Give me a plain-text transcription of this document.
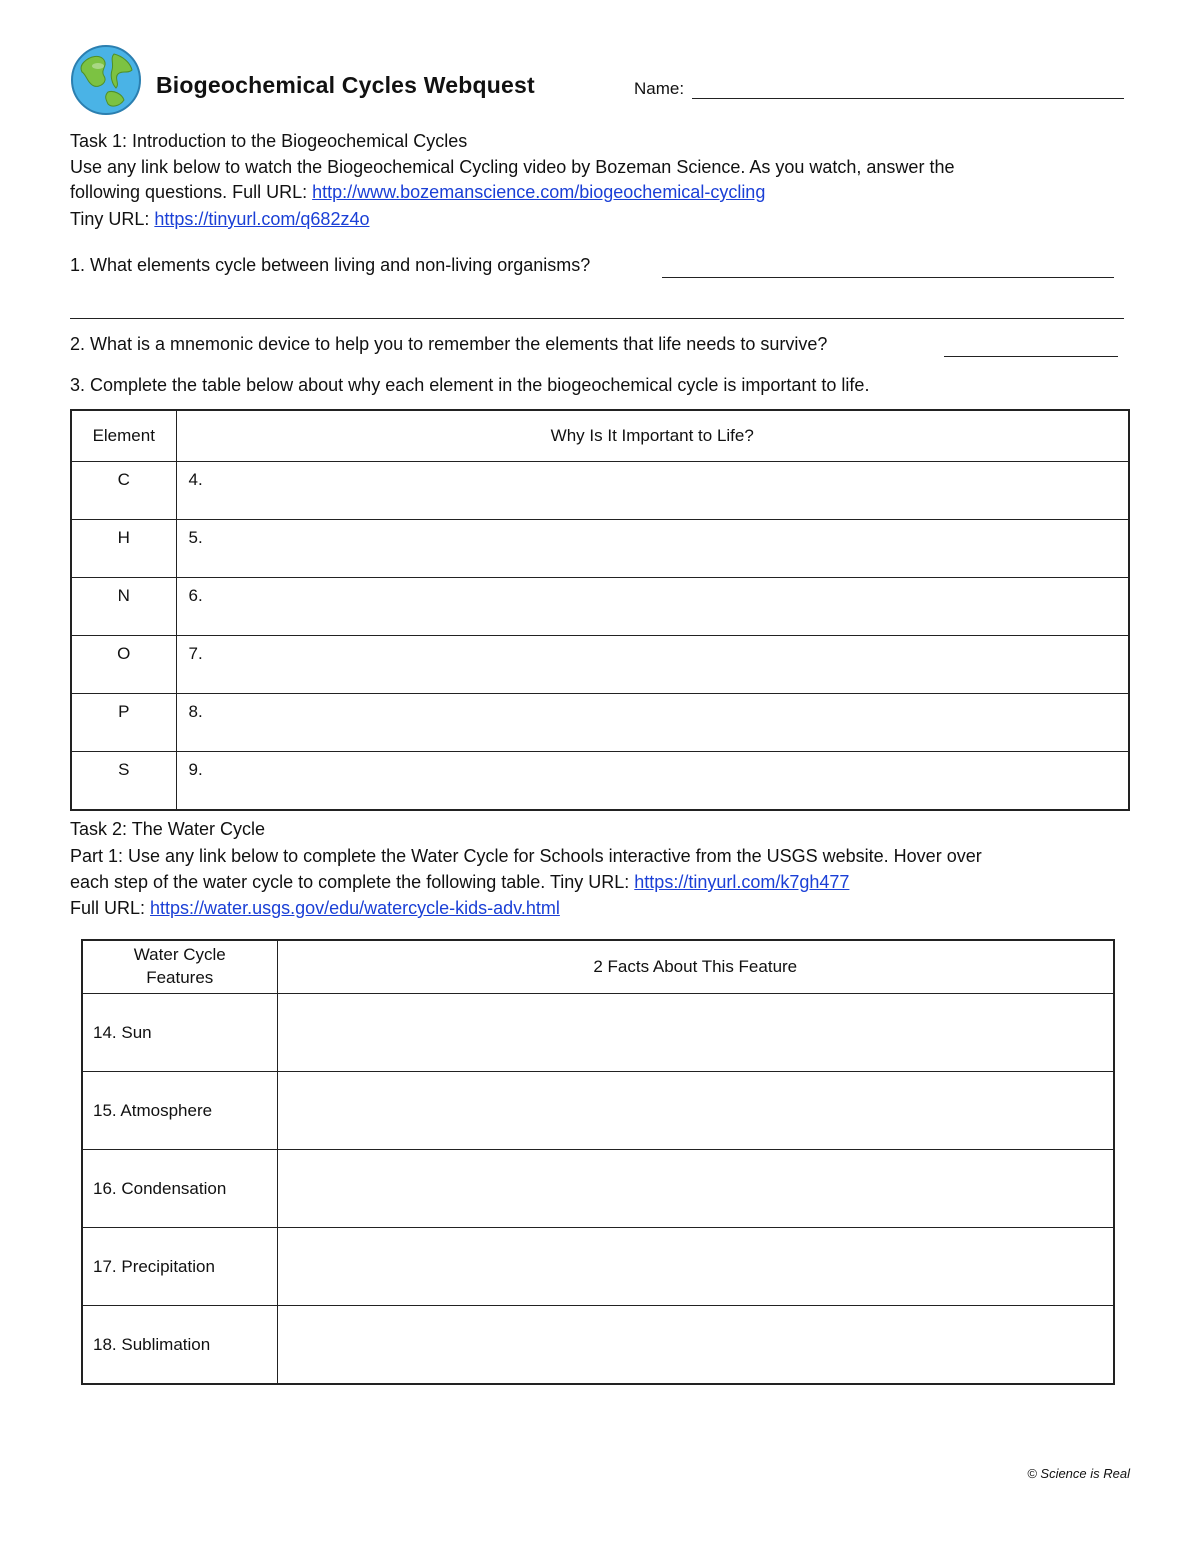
Biogeochemical Cycles Webquest	Name:
Task 1: Introduction to the Biogeochemical Cycles
Use any link below to watch the Biogeochemical Cycling video by Bozeman Science. As you watch, answer the
following questions. Full URL: http://www.bozemanscience.com/biogeochemical-cycling
Tiny URL: https://tinyurl.com/q682z4o
1. What elements cycle between living and non-living organisms?
2. What is a mnemonic device to help you to remember the elements that life needs to survive?
3. Complete the table below about why each element in the biogeochemical cycle is important to life.
Element	Why Is It Important to Life?
C	4.
H	5.
N	6.
O	7.
P	8.
S	9.
Task 2: The Water Cycle
Part 1: Use any link below to complete the Water Cycle for Schools interactive from the USGS website. Hover over
each step of the water cycle to complete the following table. Tiny URL: https://tinyurl.com/k7gh477
Full URL: https://water.usgs.gov/edu/watercycle-kids-adv.html
Water Cycle
Features	2 Facts About This Feature
14. Sun	
15. Atmosphere	
16. Condensation	
17. Precipitation	
18. Sublimation	
© Science is Real
